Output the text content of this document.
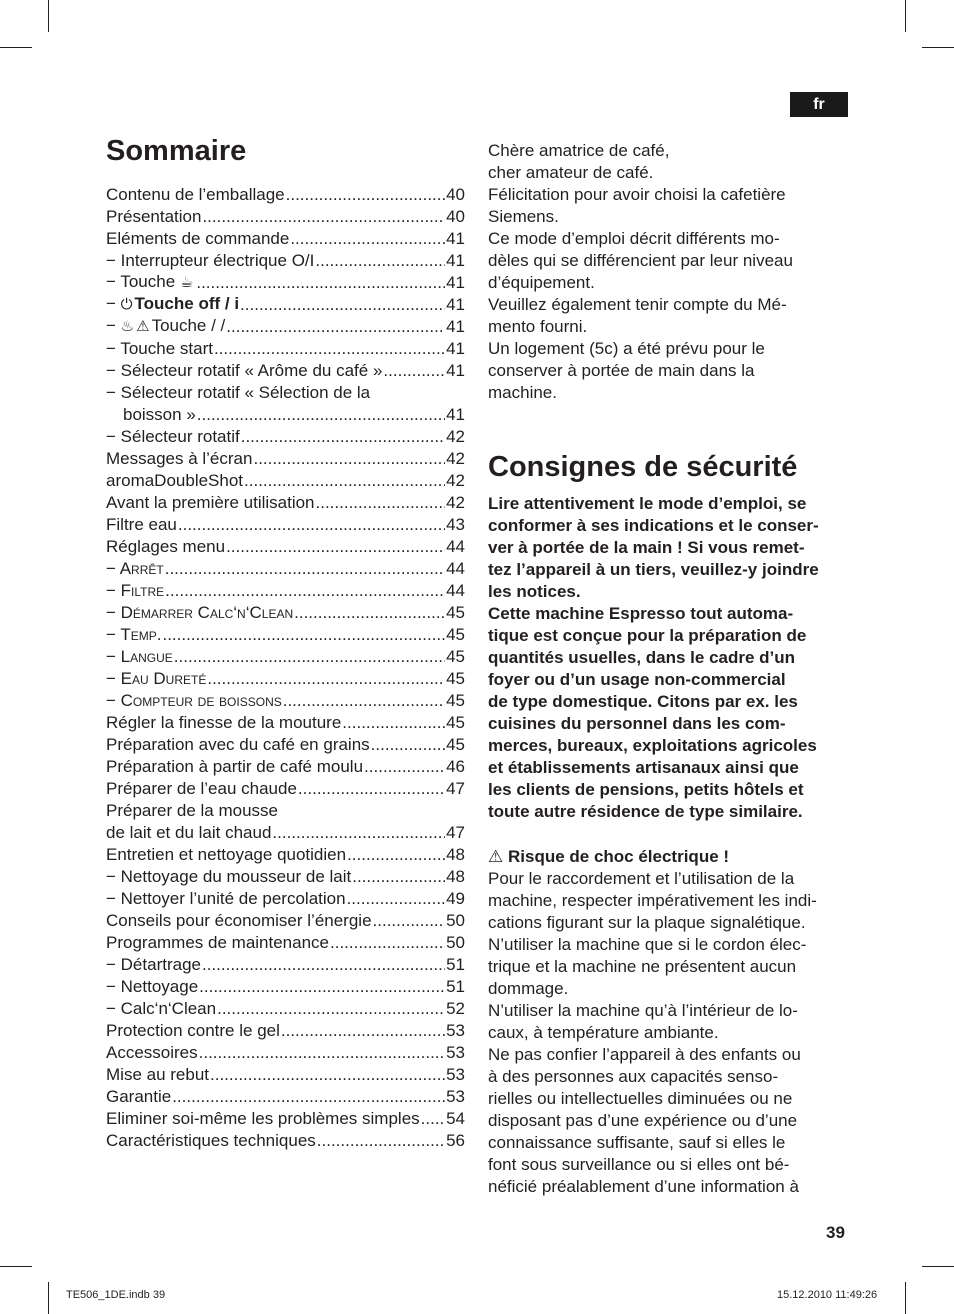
fr
Sommaire
Contenu de l’emballage .....	40
Présentation .....	40
Eléments de commande .....	41
− Interrupteur électrique O/I .....	41
− Touche ☕ .....	41
− ⏻ Touche off / i .....	41
− ♨ ⚠ Touche / / .....	41
− Touche start .....	41
− Sélecteur rotatif « Arôme du café » .....	41
− Sélecteur rotatif « Sélection de la
boisson » .....	41
− Sélecteur rotatif .....	42
Messages à l’écran .....	42
aromaDoubleShot .....	42
Avant la première utilisation .....	42
Filtre eau .....	43
Réglages menu .....	44
− Arrêt .....	44
− Filtre .....	44
− Démarrer Calc‘n‘Clean .....	45
− Temp. .....	45
− Langue .....	45
− Eau Dureté .....	45
− Compteur de boissons .....	45
Régler la finesse de la mouture .....	45
Préparation avec du café en grains .....	45
Préparation à partir de café moulu .....	46
Préparer de l’eau chaude .....	47
Préparer de la mousse
de lait et du lait chaud .....	47
Entretien et nettoyage quotidien .....	48
− Nettoyage du mousseur de lait .....	48
− Nettoyer l’unité de percolation .....	49
Conseils pour économiser l’énergie .....	50
Programmes de maintenance .....	50
− Détartrage .....	51
− Nettoyage .....	51
− Calc‘n‘Clean .....	52
Protection contre le gel .....	53
Accessoires .....	53
Mise au rebut .....	53
Garantie .....	53
Eliminer soi-même les problèmes simples ..... 54
Caractéristiques techniques .....	56

Chère amatrice de café,

cher amateur de café.

Félicitation pour avoir choisi la cafetière

Siemens.

Ce mode d’emploi décrit différents mo-

dèles qui se différencient par leur niveau

d’équipement.

Veuillez également tenir compte du Mé-

mento fourni.

Un logement (5c) a été prévu pour le

conserver à portée de main dans la

machine.

Consignes de sécurité

Lire attentivement le mode d’emploi, se

conformer à ses indications et le conser-

ver à portée de la main ! Si vous remet-

tez l’appareil à un tiers, veuillez-y joindre

les notices.

Cette machine Espresso tout automa-

tique est conçue pour la préparation de

quantités usuelles, dans le cadre d’un

foyer ou d’un usage non-commercial

de type domestique. Citons par ex. les

cuisines du personnel dans les com-

merces, bureaux, exploitations agricoles

et établissements artisanaux ainsi que

les clients de pensions, petits hôtels et

toute autre résidence de type similaire.

⚠ Risque de choc électrique !

Pour le raccordement et l’utilisation de la

machine, respecter impérativement les indi-

cations figurant sur la plaque signalétique.

N’utiliser la machine que si le cordon élec-

trique et la machine ne présentent aucun

dommage.

N’utiliser la machine qu’à l’intérieur de lo-

caux, à température ambiante.

Ne pas confier l’appareil à des enfants ou

à des personnes aux capacités senso-

rielles ou intellectuelles diminuées ou ne

disposant pas d’une expérience ou d’une

connaissance suffisante, sauf si elles le

font sous surveillance ou si elles ont bé-

néficié préalablement d’une information à

39
TE506_1DE.indb 39	15.12.2010 11:49:26
